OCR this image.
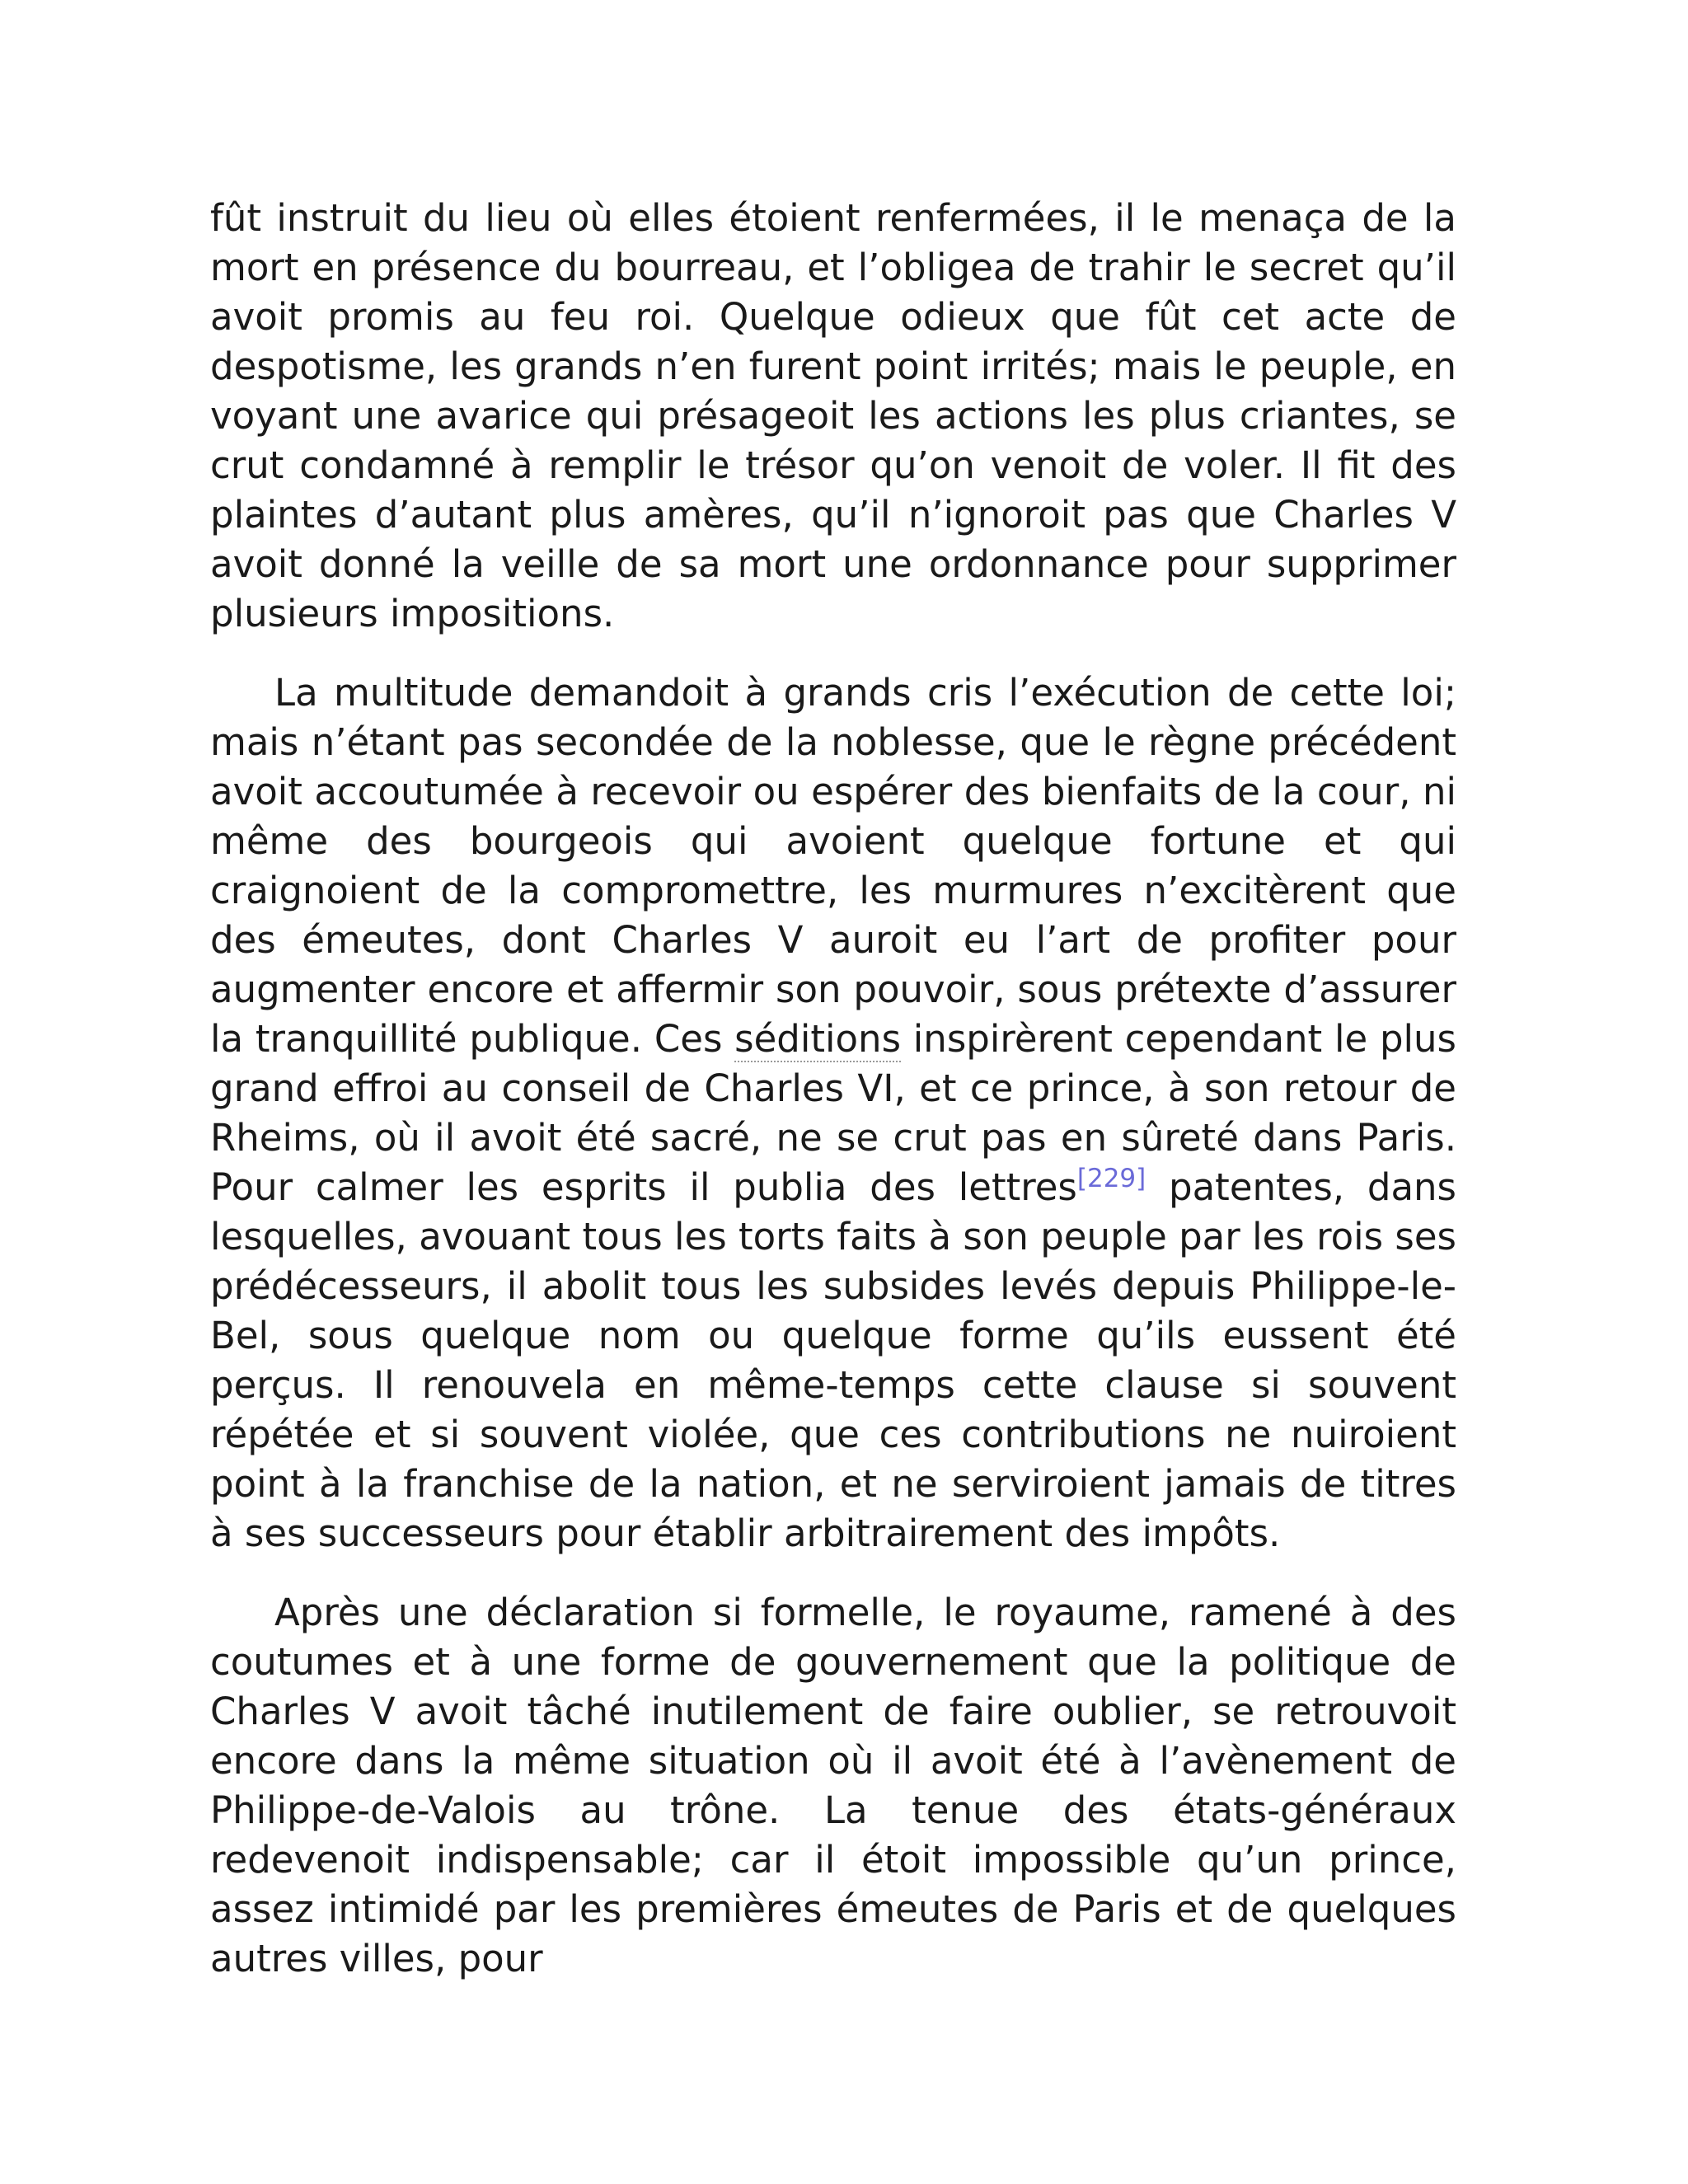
fût instruit du lieu où elles étoient renfermées, il le menaça de la mort en présence du bourreau, et l’obligea de trahir le secret qu’il avoit promis au feu roi. Quelque odieux que fût cet acte de despotisme, les grands n’en furent point irrités; mais le peuple, en voyant une avarice qui présageoit les actions les plus criantes, se crut condamné à remplir le trésor qu’on venoit de voler. Il fit des plaintes d’autant plus amères, qu’il n’ignoroit pas que Charles V avoit donné la veille de sa mort une ordonnance pour supprimer plusieurs impositions.

La multitude demandoit à grands cris l’exécution de cette loi; mais n’étant pas secondée de la noblesse, que le règne précédent avoit accoutumée à recevoir ou espérer des bienfaits de la cour, ni même des bourgeois qui avoient quelque fortune et qui craignoient de la compromettre, les murmures n’excitèrent que des émeutes, dont Charles V auroit eu l’art de profiter pour augmenter encore et affermir son pouvoir, sous prétexte d’assurer la tranquillité publique. Ces séditions inspirèrent cependant le plus grand effroi au conseil de Charles VI, et ce prince, à son retour de Rheims, où il avoit été sacré, ne se crut pas en sûreté dans Paris. Pour calmer les esprits il publia des lettres[229] patentes, dans lesquelles, avouant tous les torts faits à son peuple par les rois ses prédécesseurs, il abolit tous les subsides levés depuis Philippe-le-Bel, sous quelque nom ou quelque forme qu’ils eussent été perçus. Il renouvela en même-temps cette clause si souvent répétée et si souvent violée, que ces contributions ne nuiroient point à la franchise de la nation, et ne serviroient jamais de titres à ses successeurs pour établir arbitrairement des impôts.

Après une déclaration si formelle, le royaume, ramené à des coutumes et à une forme de gouvernement que la politique de Charles V avoit tâché inutilement de faire oublier, se retrouvoit encore dans la même situation où il avoit été à l’avènement de Philippe-de-Valois au trône. La tenue des états-généraux redevenoit indispensable; car il étoit impossible qu’un prince, assez intimidé par les premières émeutes de Paris et de quelques autres villes, pour
